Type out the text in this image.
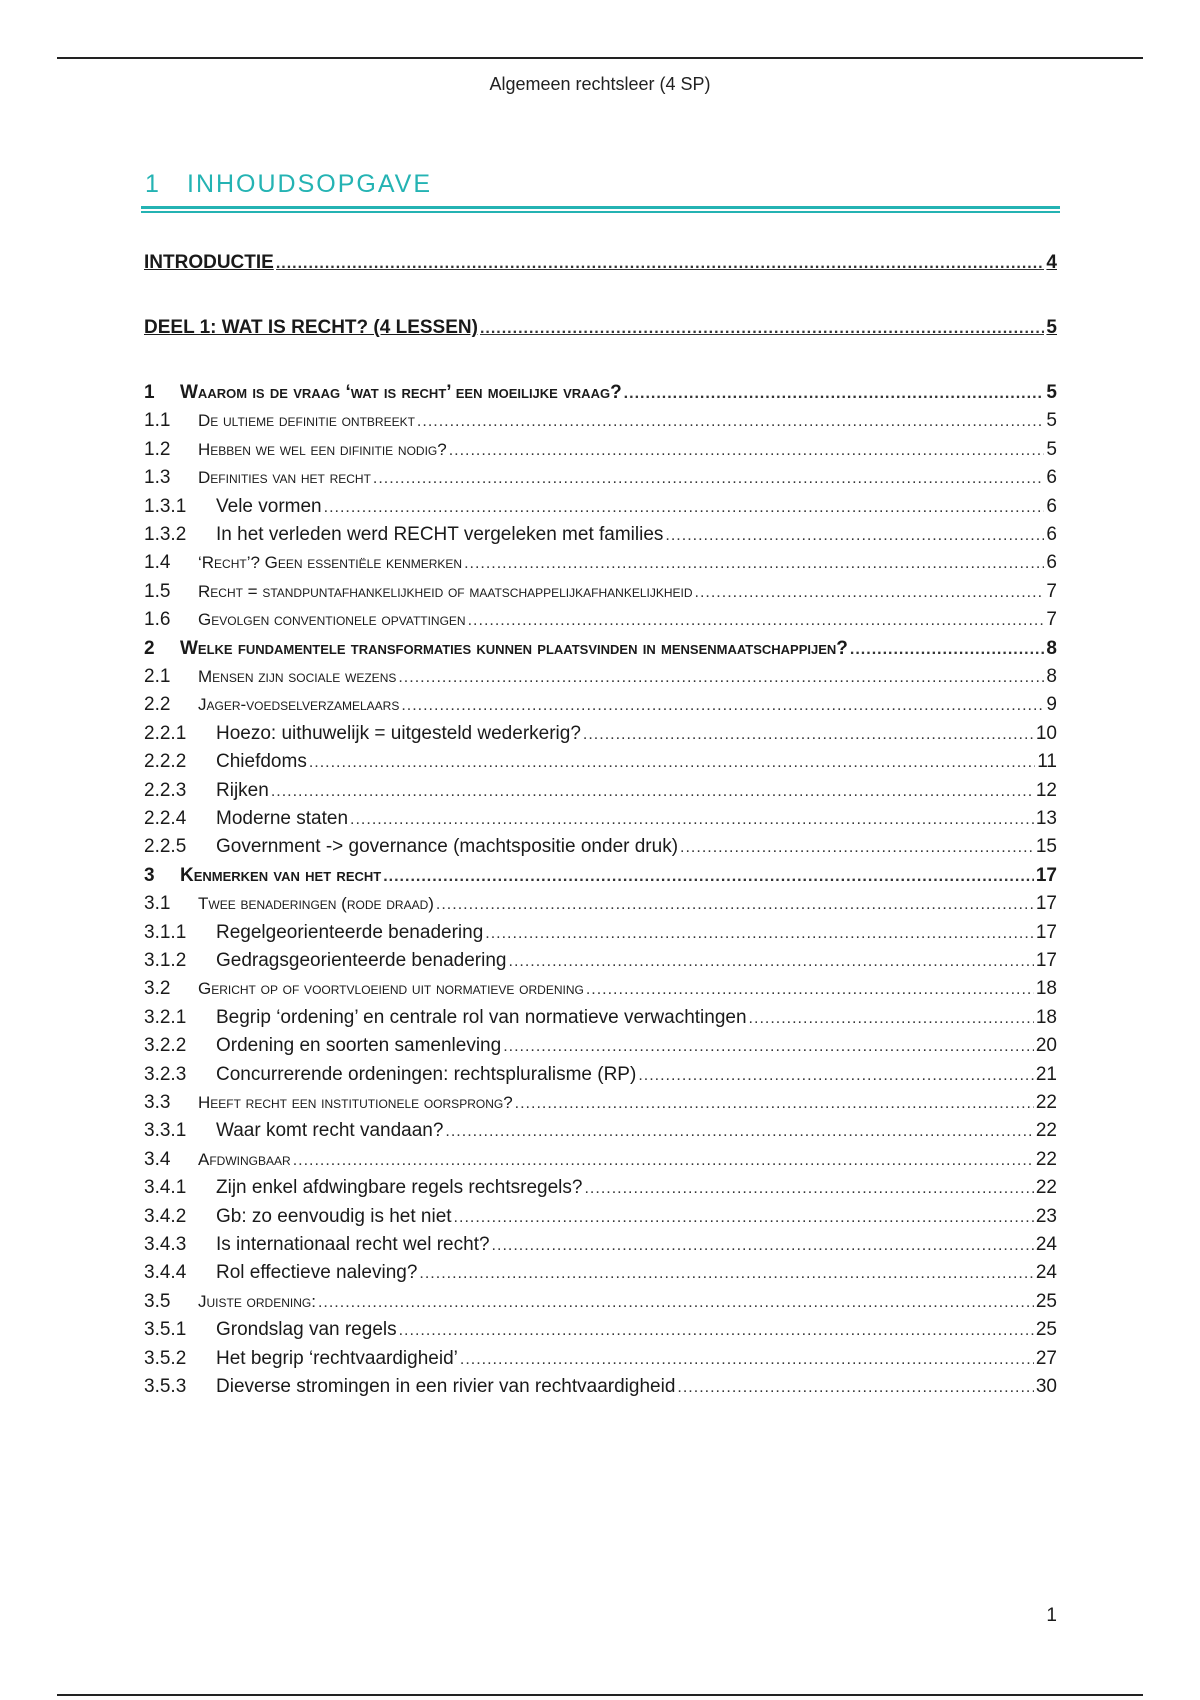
Algemeen rechtsleer (4 SP)
1 INHOUDSOPGAVE
INTRODUCTIE .....	4
DEEL 1: WAT IS RECHT? (4 LESSEN) .....	5
1	Waarom is de vraag ‘wat is recht’ een moeilijke vraag? .....	5
1.1	De ultieme definitie ontbreekt .....	5
1.2	Hebben we wel een difinitie nodig? .....	5
1.3	Definities van het recht .....	6
1.3.1	Vele vormen .....	6
1.3.2	In het verleden werd RECHT vergeleken met families .....	6
1.4	‘Recht’? Geen essentiële kenmerken .....	6
1.5	Recht = standpuntafhankelijkheid of maatschappelijkafhankelijkheid .....	7
1.6	Gevolgen conventionele opvattingen .....	7
2	Welke fundamentele transformaties kunnen plaatsvinden in mensenmaatschappijen? .....	8
2.1	Mensen zijn sociale wezens .....	8
2.2	Jager-voedselverzamelaars .....	9
2.2.1	Hoezo: uithuwelijk = uitgesteld wederkerig? .....	10
2.2.2	Chiefdoms .....	11
2.2.3	Rijken .....	12
2.2.4	Moderne staten .....	13
2.2.5	Government -> governance (machtspositie onder druk) .....	15
3	Kenmerken van het recht .....	17
3.1	Twee benaderingen (rode draad) .....	17
3.1.1	Regelgeorienteerde benadering .....	17
3.1.2	Gedragsgeorienteerde benadering .....	17
3.2	Gericht op of voortvloeiend uit normatieve ordening .....	18
3.2.1	Begrip ‘ordening’ en centrale rol van normatieve verwachtingen .....	18
3.2.2	Ordening en soorten samenleving .....	20
3.2.3	Concurrerende ordeningen: rechtspluralisme (RP) .....	21
3.3	Heeft recht een institutionele oorsprong? .....	22
3.3.1	Waar komt recht vandaan? .....	22
3.4	Afdwingbaar .....	22
3.4.1	Zijn enkel afdwingbare regels rechtsregels? .....	22
3.4.2	Gb: zo eenvoudig is het niet .....	23
3.4.3	Is internationaal recht wel recht? .....	24
3.4.4	Rol effectieve naleving? .....	24
3.5	Juiste ordening: .....	25
3.5.1	Grondslag van regels .....	25
3.5.2	Het begrip ‘rechtvaardigheid’ .....	27
3.5.3	Dieverse stromingen in een rivier van rechtvaardigheid .....	30
1
